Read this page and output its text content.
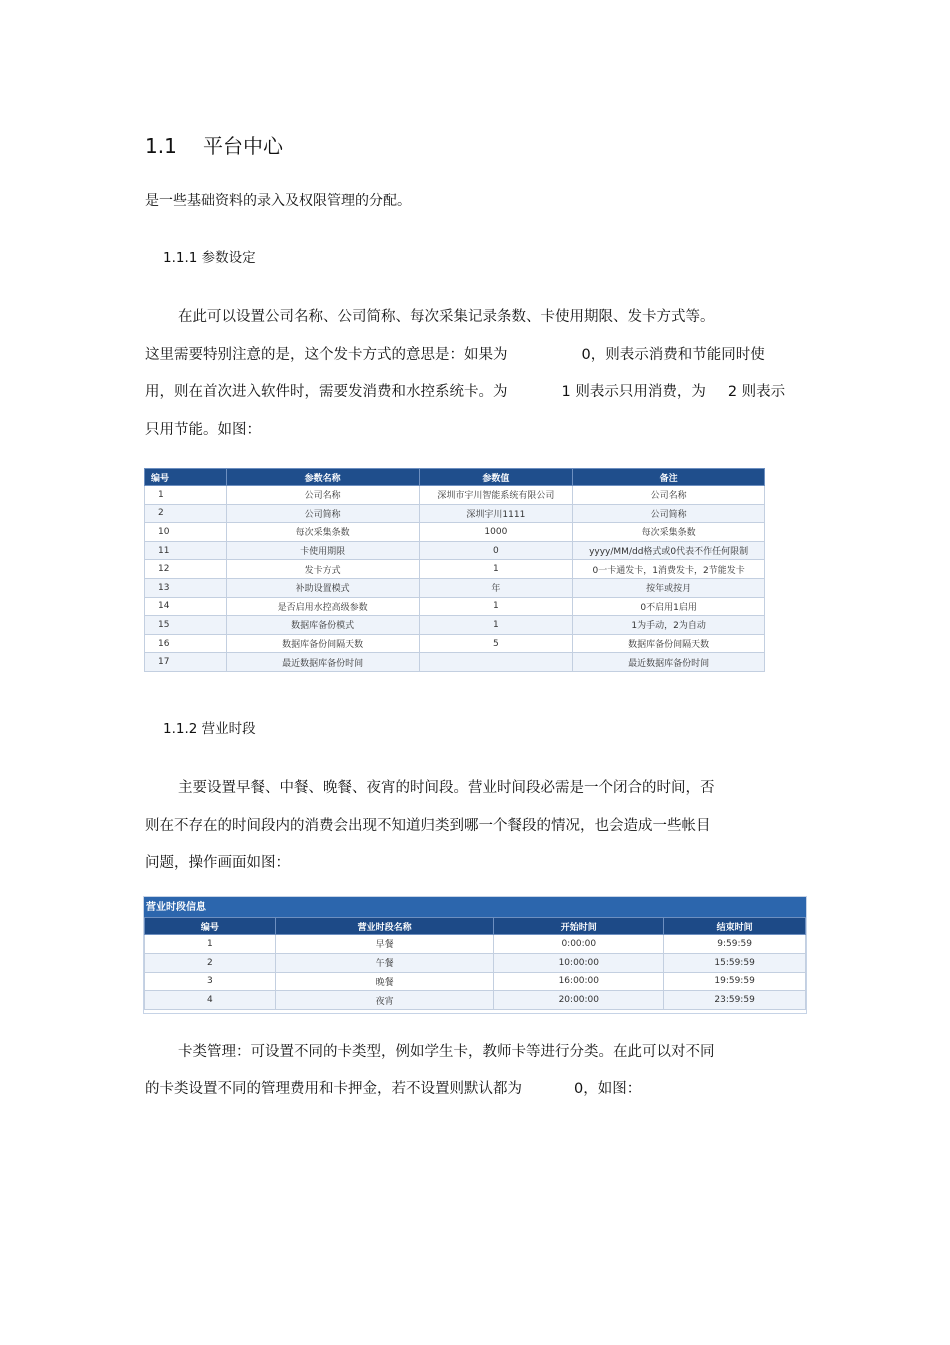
1.1 平台中心
是一些基础资料的录入及权限管理的分配。
1.1.1 参数设定
在此可以设置公司名称、公司简称、每次采集记录条数、卡使用期限、发卡方式等。
这里需要特别注意的是，这个发卡方式的意思是：如果为	0，则表示消费和节能同时使
用，则在首次进入软件时，需要发消费和水控系统卡。为	1 则表示只用消费，为 2 则表示
只用节能。如图：
编号	参数名称	参数值	备注
1	公司名称	深圳市宇川智能系统有限公司	公司名称
2	公司简称	深圳宇川1111	公司简称
10	每次采集条数	1000	每次采集条数
11	卡使用期限	0	yyyy/MM/dd格式或0代表不作任何限制
12	发卡方式	1	0一卡通发卡，1消费发卡，2节能发卡
13	补助设置模式	年	按年或按月
14	是否启用水控高级参数	1	0不启用1启用
15	数据库备份模式	1	1为手动，2为自动
16	数据库备份间隔天数	5	数据库备份间隔天数
17	最近数据库备份时间		最近数据库备份时间
1.1.2 营业时段
主要设置早餐、中餐、晚餐、夜宵的时间段。营业时间段必需是一个闭合的时间，否
则在不存在的时间段内的消费会出现不知道归类到哪一个餐段的情况，也会造成一些帐目
问题，操作画面如图：
营业时段信息
编号	营业时段名称	开始时间	结束时间
1	早餐	0:00:00	9:59:59
2	午餐	10:00:00	15:59:59
3	晚餐	16:00:00	19:59:59
4	夜宵	20:00:00	23:59:59
卡类管理：可设置不同的卡类型，例如学生卡，教师卡等进行分类。在此可以对不同
的卡类设置不同的管理费用和卡押金，若不设置则默认都为	0，如图：
